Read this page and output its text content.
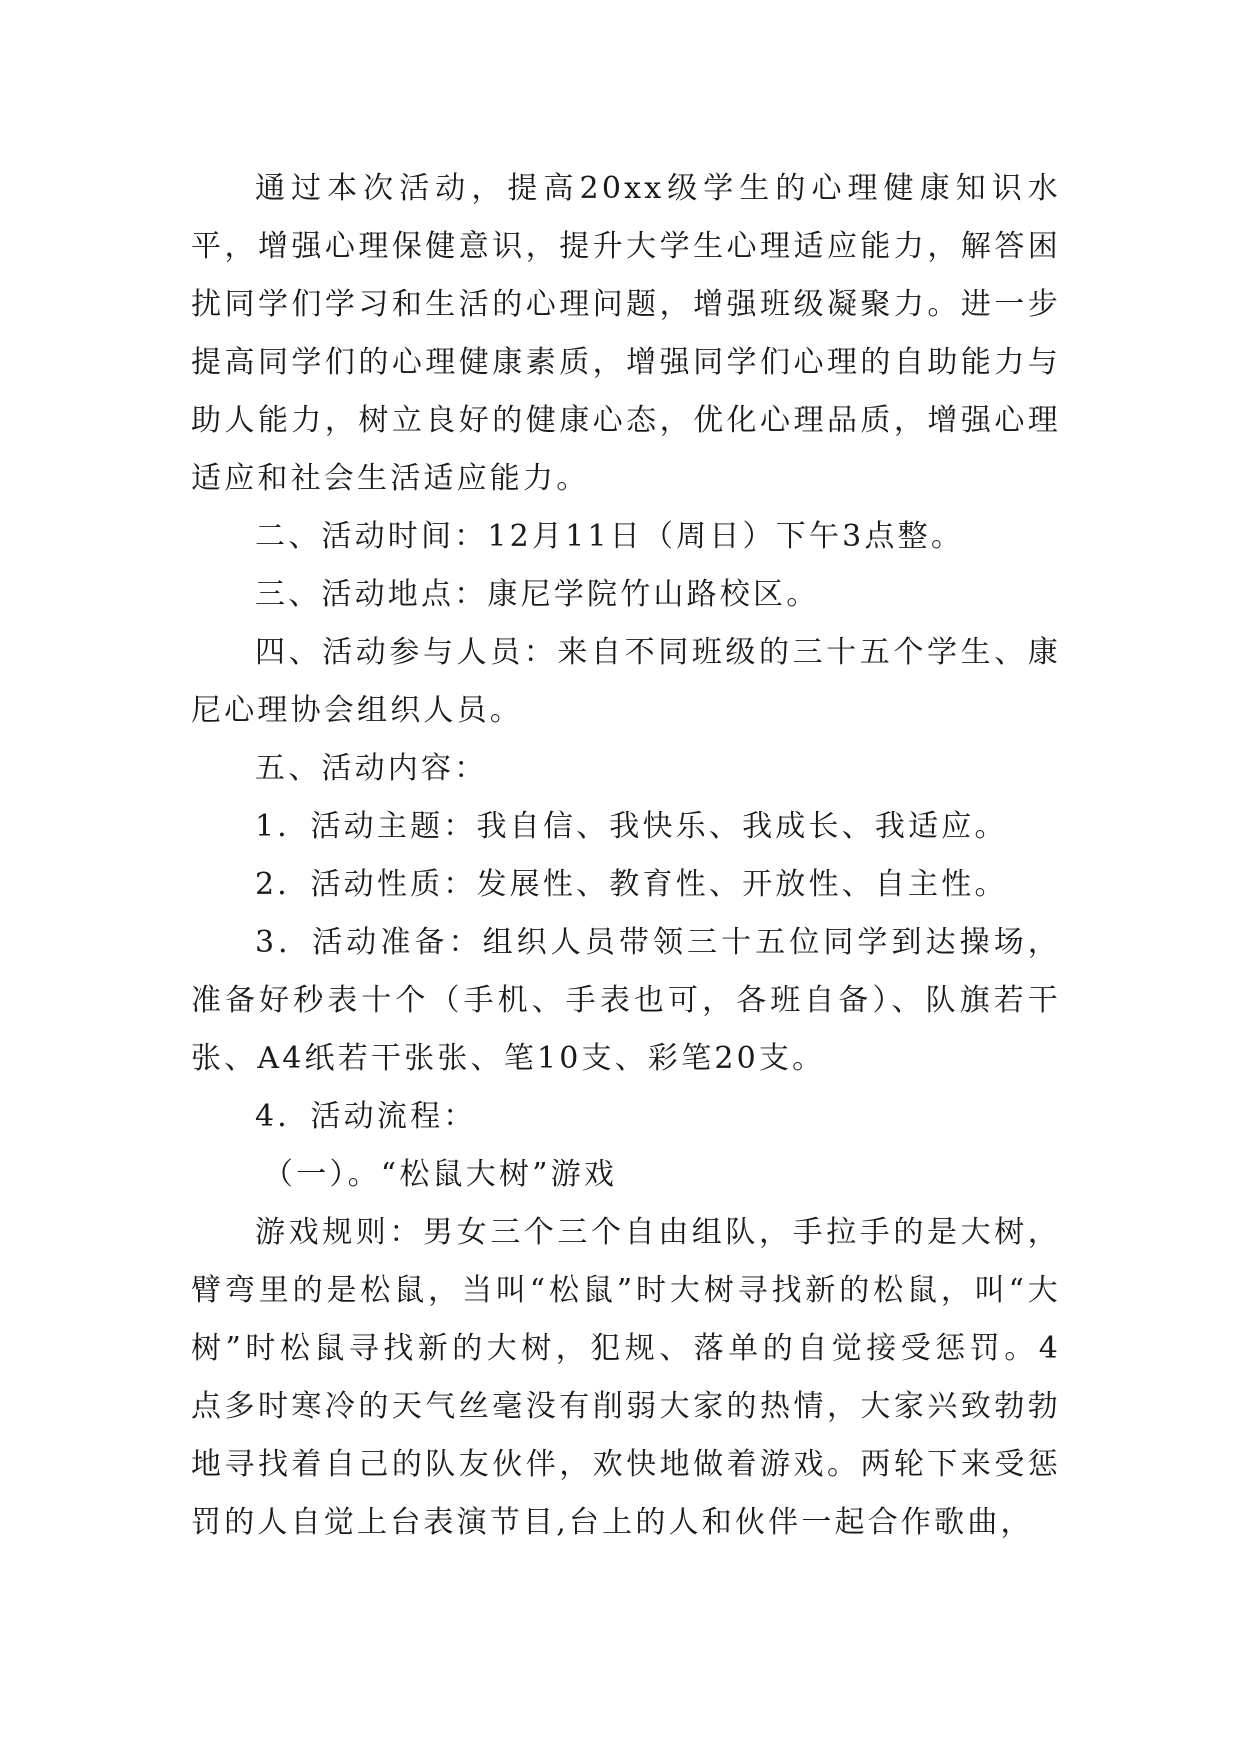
通过本次活动，提高20xx级学生的心理健康知识水平，增强心理保健意识，提升大学生心理适应能力，解答困扰同学们学习和生活的心理问题，增强班级凝聚力。进一步提高同学们的心理健康素质，增强同学们心理的自助能力与助人能力，树立良好的健康心态，优化心理品质，增强心理适应和社会生活适应能力。

二、活动时间：12月11日（周日）下午3点整。

三、活动地点：康尼学院竹山路校区。

四、活动参与人员：来自不同班级的三十五个学生、康尼心理协会组织人员。

五、活动内容：

1．活动主题：我自信、我快乐、我成长、我适应。

2．活动性质：发展性、教育性、开放性、自主性。

3．活动准备：组织人员带领三十五位同学到达操场，准备好秒表十个（手机、手表也可，各班自备）、队旗若干张、A4纸若干张张、笔10支、彩笔20支。

4．活动流程：

（一）。“松鼠大树”游戏

游戏规则：男女三个三个自由组队，手拉手的是大树，臂弯里的是松鼠，当叫“松鼠”时大树寻找新的松鼠，叫“大树”时松鼠寻找新的大树，犯规、落单的自觉接受惩罚。4点多时寒冷的天气丝毫没有削弱大家的热情，大家兴致勃勃地寻找着自己的队友伙伴，欢快地做着游戏。两轮下来受惩罚的人自觉上台表演节目,台上的人和伙伴一起合作歌曲，
